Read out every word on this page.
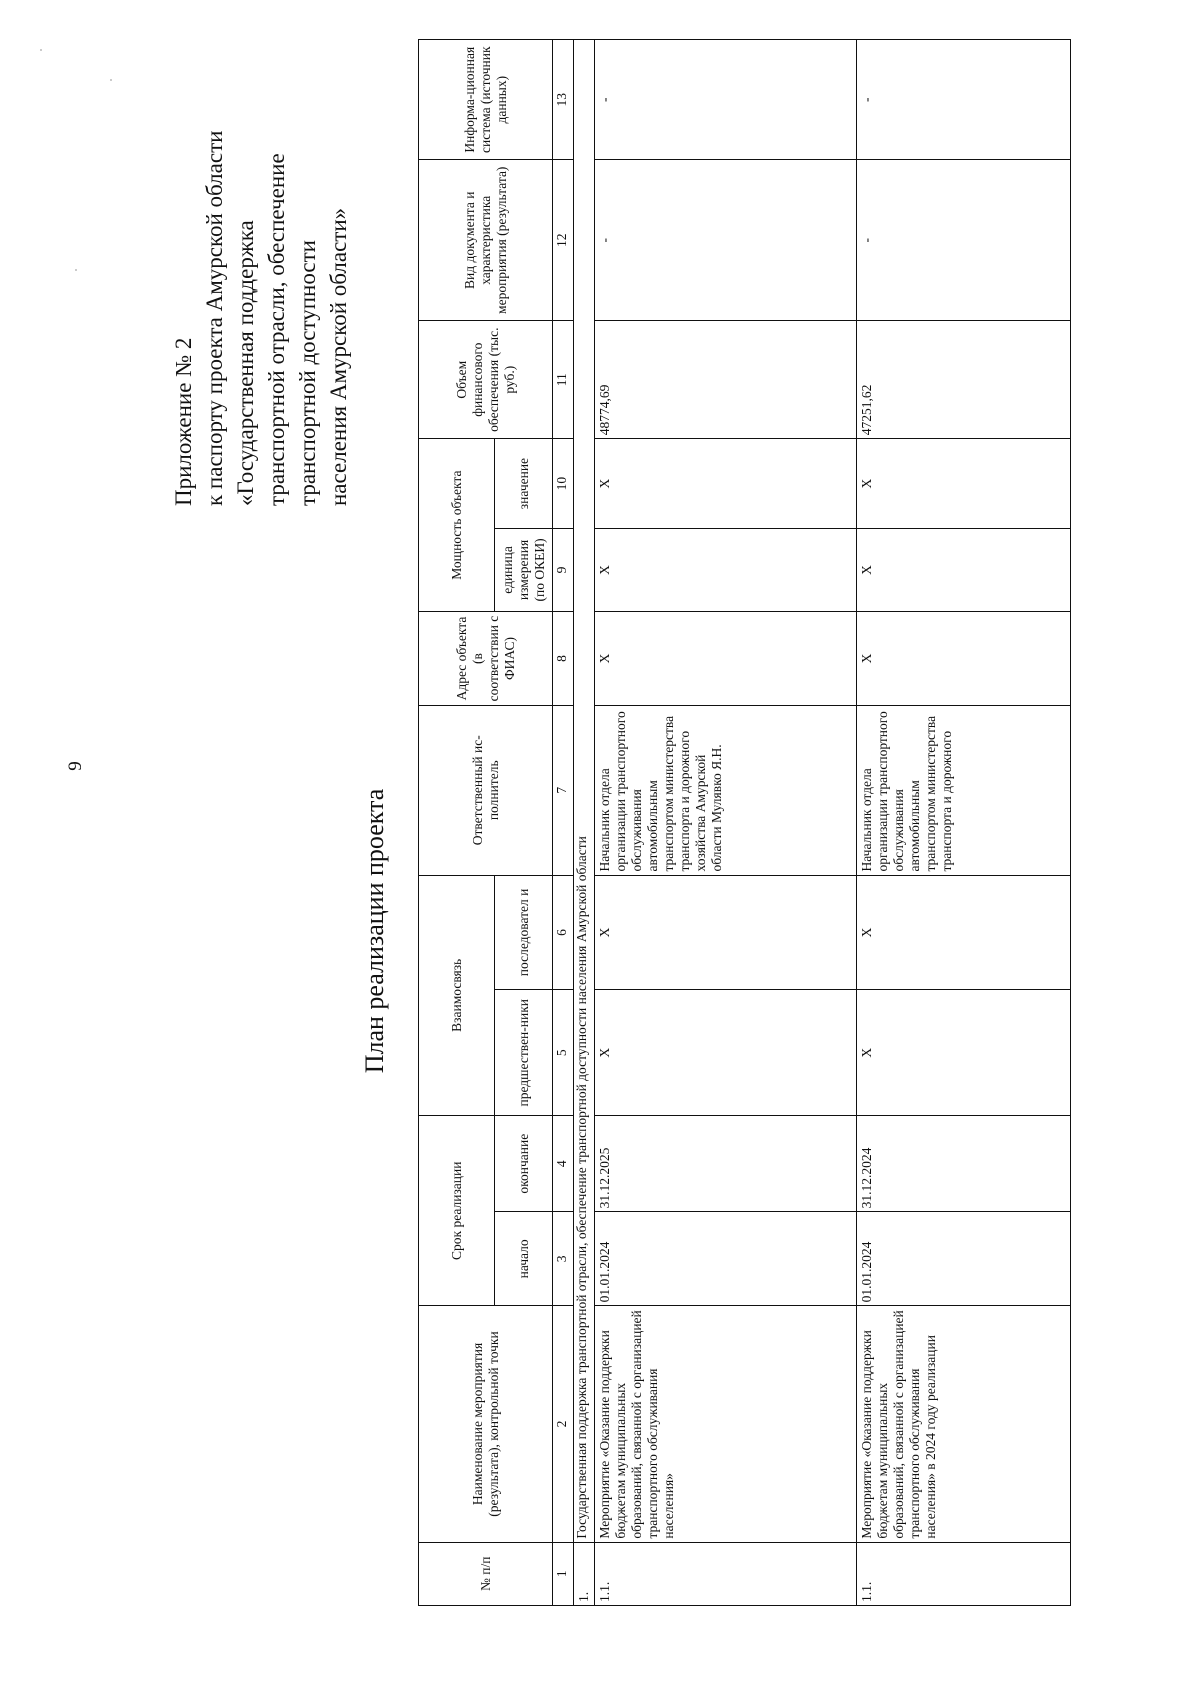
9
Приложение № 2 к паспорту проекта Амурской области «Государственная поддержка транспортной отрасли, обеспечение транспортной доступности населения Амурской области»
План реализации проекта
№ п/п	Наименование мероприятия (результата), контрольной точки	Срок реализации		Взаимосвязь		Ответственный ис-полнитель	Адрес объекта (в соответствии с ФИАС)	Мощность объекта		Объем финансового обеспечения (тыс. руб.)	Вид документа и характеристика мероприятия (результата)	Информа-ционная система (источник данных)
		начало	окончание	предшествен-ники	последовател и			единица измерения (по ОКЕИ)	значение			
1	2	3	4	5	6	7	8	9	10	11	12	13
1.	Государственная поддержка транспортной отрасли, обеспечение транспортной доступности населения Амурской области											
1.1.	Мероприятие «Оказание поддержки бюджетам муниципальных образований, связанной с организацией транспортного обслуживания населения»	01.01.2024	31.12.2025	X	X	Начальник отдела организации транспортного обслуживания автомобильным транспортом министерства транспорта и дорожного хозяйства Амурской области Мулявко Я.Н.	X	X	X	48774,69	-	-
1.1.	Мероприятие «Оказание поддержки бюджетам муниципальных образований, связанной с организацией транспортного обслуживания населения» в 2024 году реализации	01.01.2024	31.12.2024	X	X	Начальник отдела организации транспортного обслуживания автомобильным транспортом министерства транспорта и дорожного	X	X	X	47251,62	-	-
